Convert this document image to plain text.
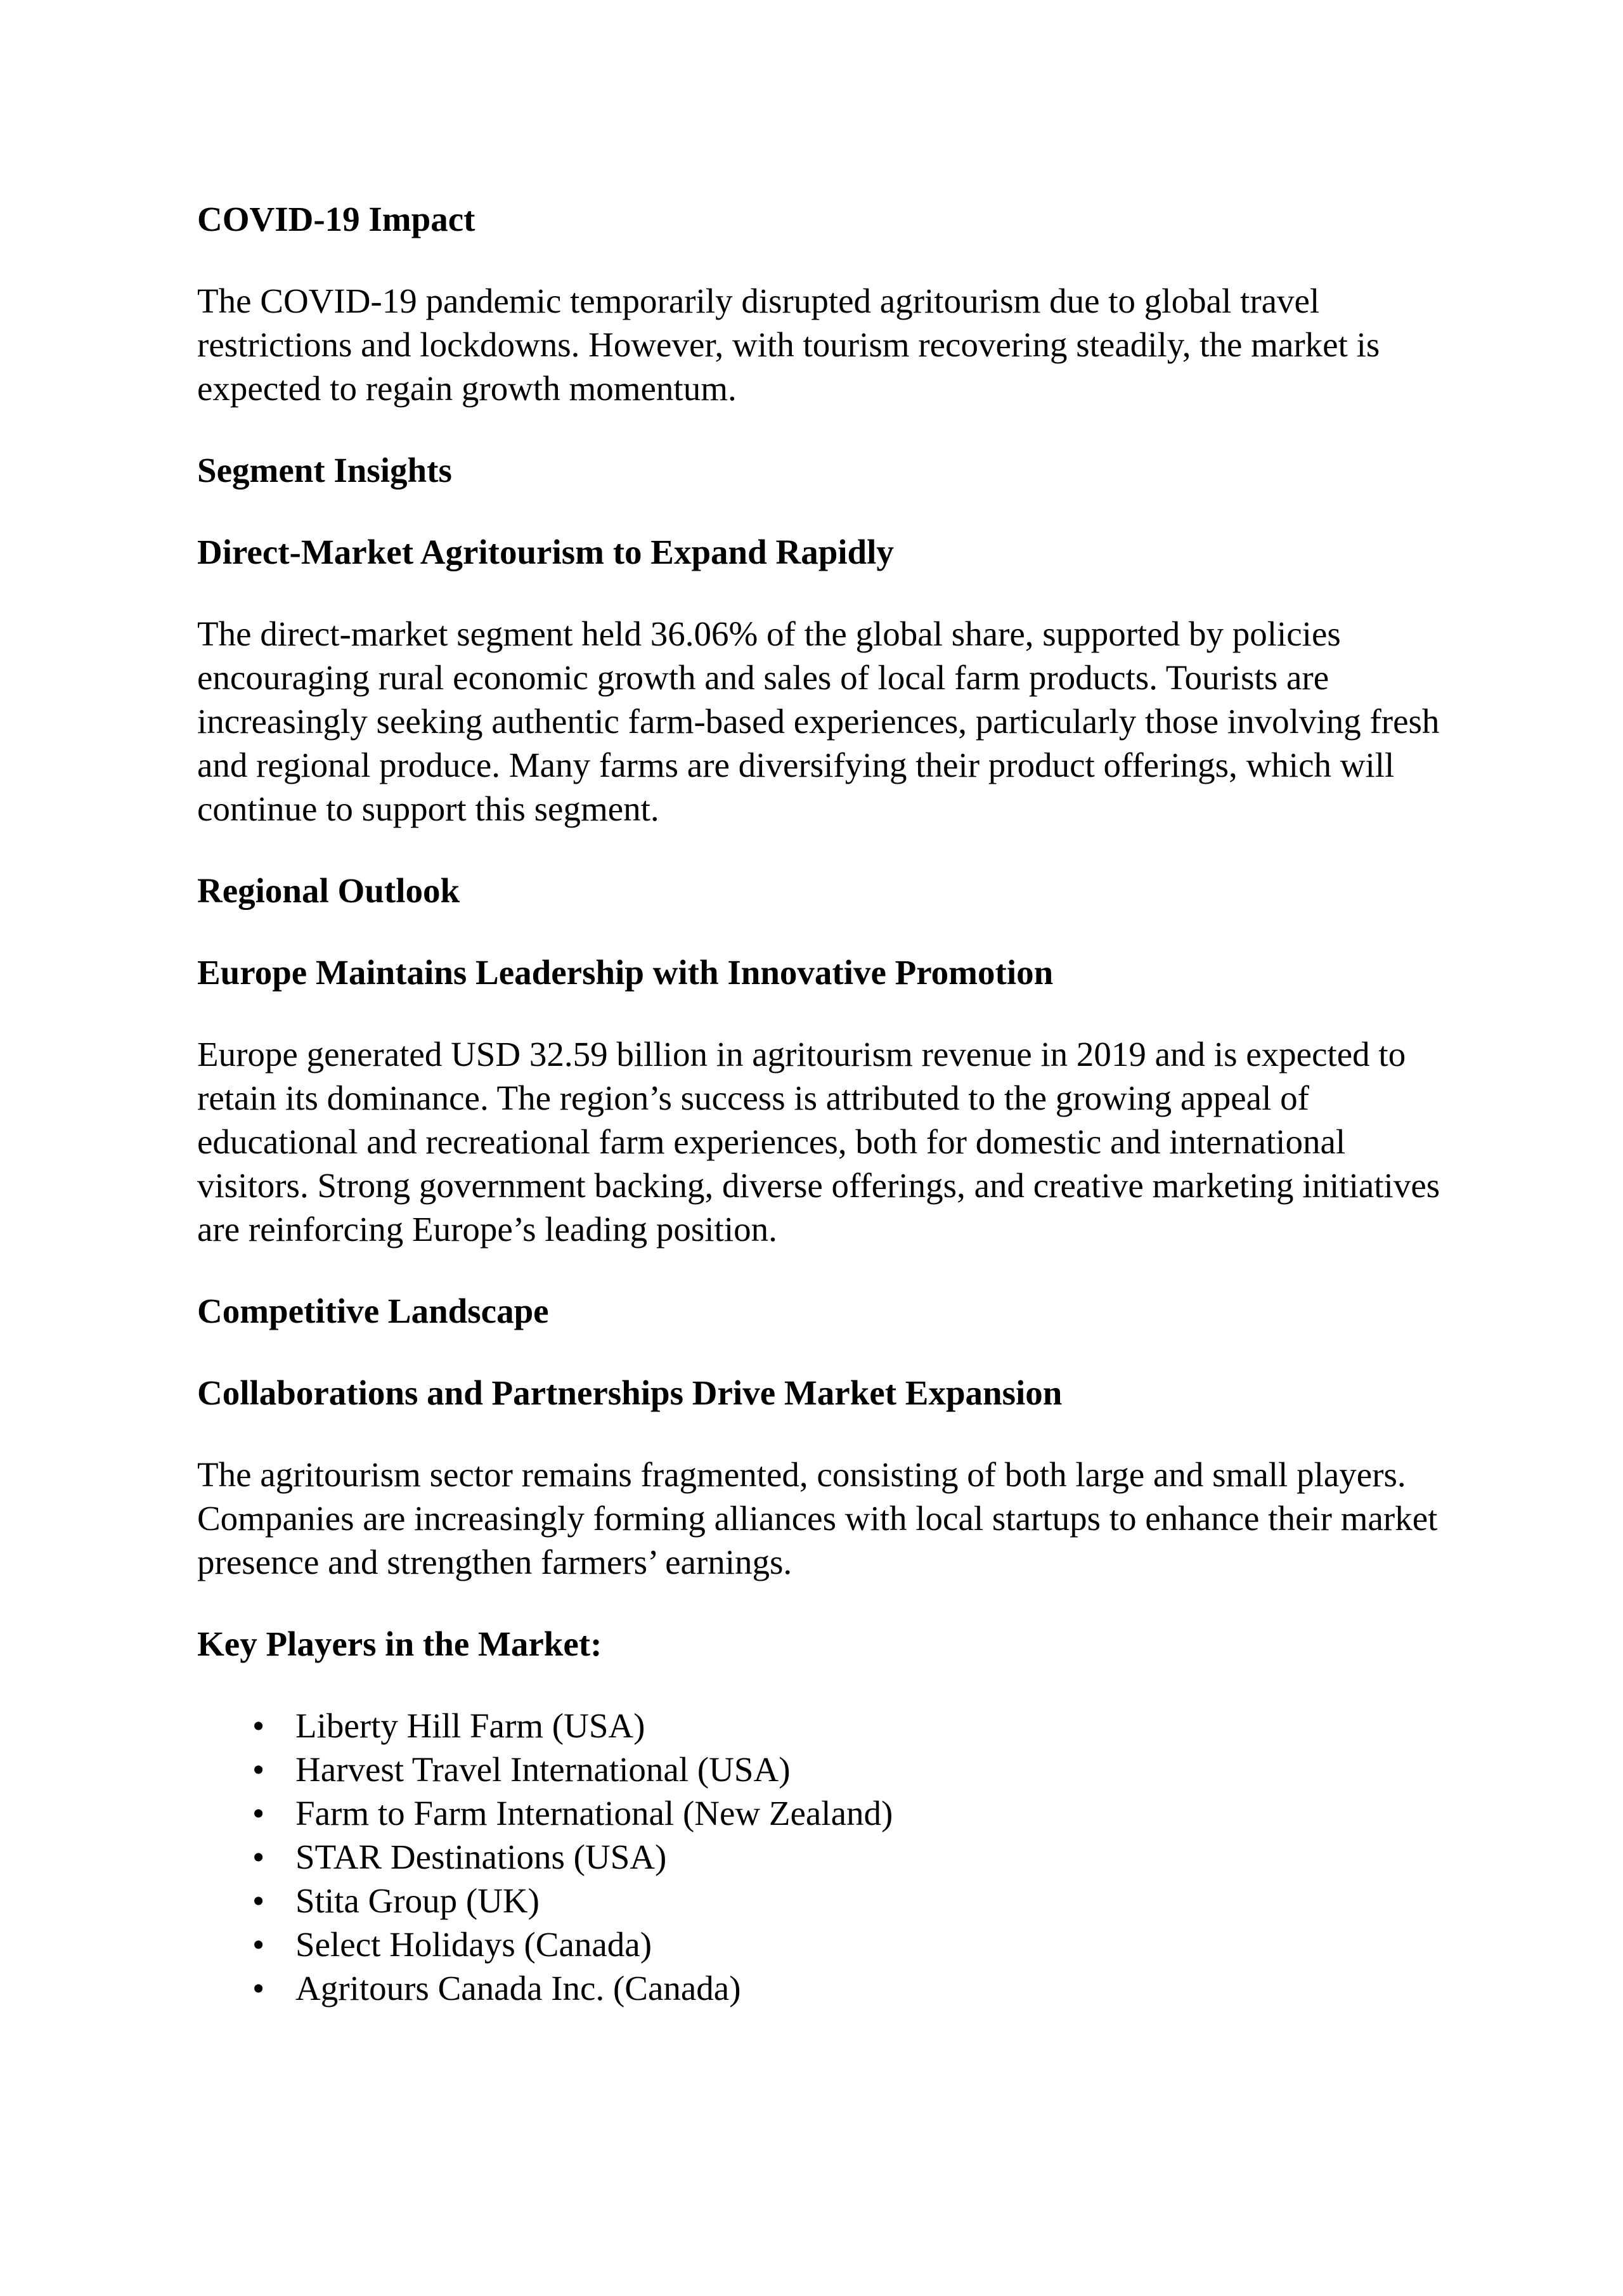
COVID-19 Impact

The COVID-19 pandemic temporarily disrupted agritourism due to global travel restrictions and lockdowns. However, with tourism recovering steadily, the market is expected to regain growth momentum.

Segment Insights
Direct-Market Agritourism to Expand Rapidly

The direct-market segment held 36.06% of the global share, supported by policies encouraging rural economic growth and sales of local farm products. Tourists are increasingly seeking authentic farm-based experiences, particularly those involving fresh and regional produce. Many farms are diversifying their product offerings, which will continue to support this segment.

Regional Outlook
Europe Maintains Leadership with Innovative Promotion

Europe generated USD 32.59 billion in agritourism revenue in 2019 and is expected to retain its dominance. The region’s success is attributed to the growing appeal of educational and recreational farm experiences, both for domestic and international visitors. Strong government backing, diverse offerings, and creative marketing initiatives are reinforcing Europe’s leading position.

Competitive Landscape
Collaborations and Partnerships Drive Market Expansion

The agritourism sector remains fragmented, consisting of both large and small players. Companies are increasingly forming alliances with local startups to enhance their market presence and strengthen farmers’ earnings.

Key Players in the Market:
• Liberty Hill Farm (USA)
• Harvest Travel International (USA)
• Farm to Farm International (New Zealand)
• STAR Destinations (USA)
• Stita Group (UK)
• Select Holidays (Canada)
• Agritours Canada Inc. (Canada)
